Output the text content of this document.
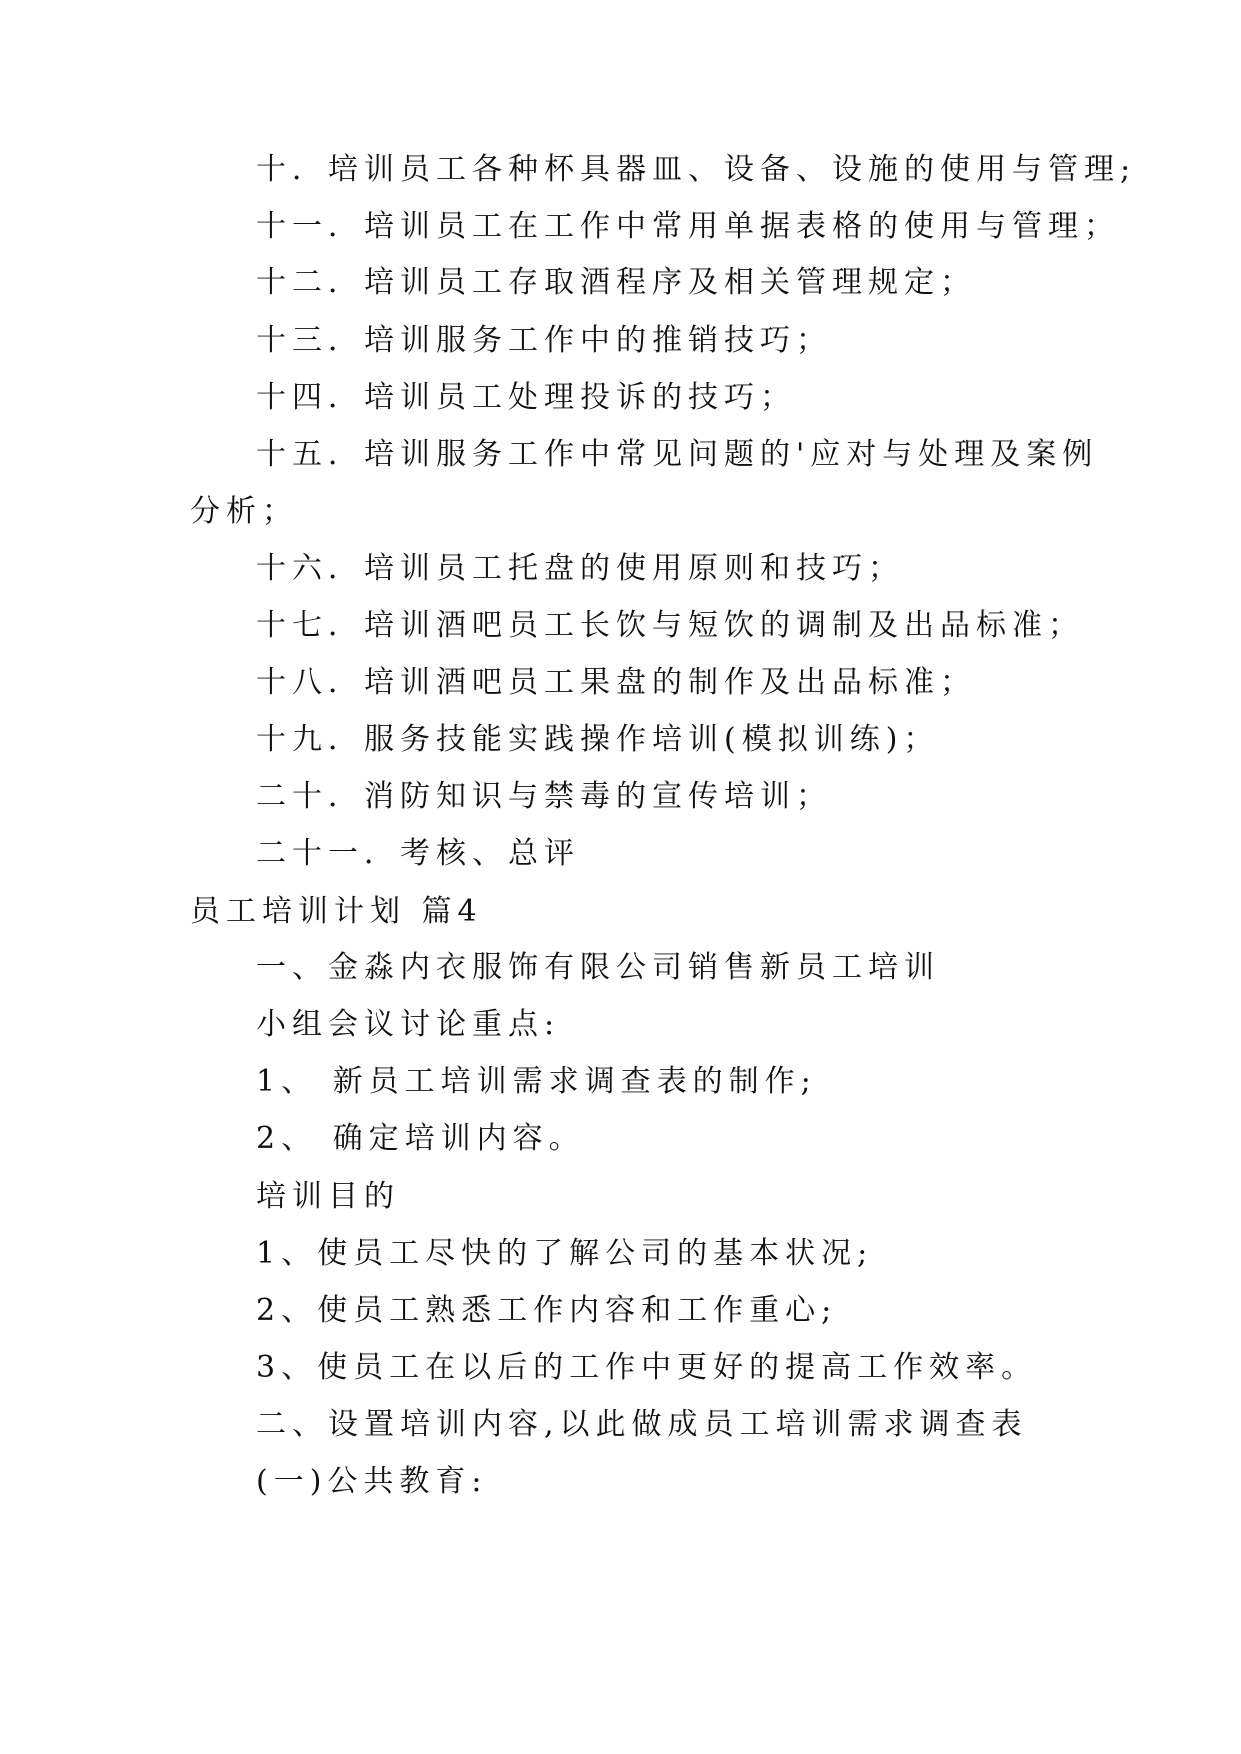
十．培训员工各种杯具器皿、设备、设施的使用与管理;
十一．培训员工在工作中常用单据表格的使用与管理；
十二．培训员工存取酒程序及相关管理规定；
十三．培训服务工作中的推销技巧；
十四．培训员工处理投诉的技巧；
十五．培训服务工作中常见问题的'应对与处理及案例
分析；
十六．培训员工托盘的使用原则和技巧；
十七．培训酒吧员工长饮与短饮的调制及出品标准；
十八．培训酒吧员工果盘的制作及出品标准；
十九．服务技能实践操作培训(模拟训练)；
二十．消防知识与禁毒的宣传培训；
二十一．考核、总评
员工培训计划 篇4
一、金淼内衣服饰有限公司销售新员工培训
小组会议讨论重点:
1、 新员工培训需求调查表的制作;
2、 确定培训内容。
培训目的
1、使员工尽快的了解公司的基本状况;
2、使员工熟悉工作内容和工作重心;
3、使员工在以后的工作中更好的提高工作效率。
二、设置培训内容,以此做成员工培训需求调查表
(一)公共教育:
